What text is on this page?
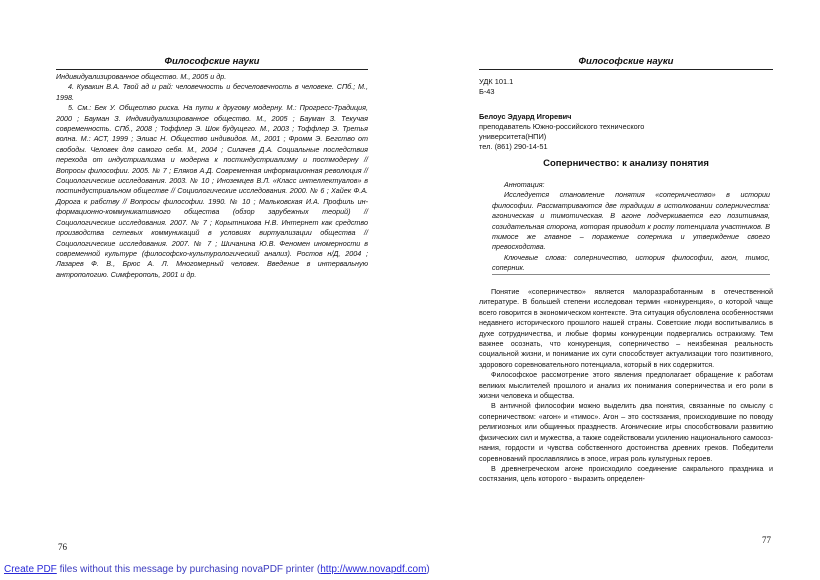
Философские науки

Индивидуализированное общество. М., 2005 и др.

4. Кувакин В.А. Твой ад и рай: человечность и бесчеловечность в человеке. СПб.; М., 1998.

5. См.: Бек У. Общество риска. На пути к другому модерну. М.: Прогресс-Традиция, 2000 ; Бауман З. Индивидуализированное общество. М., 2005 ; Бауман З. Текучая современность. СПб., 2008 ; Тоффлер Э. Шок будущего. М., 2003 ; Тоффлер Э. Третья волна. М.: АСТ, 1999 ; Элиас Н. Общество индивидов. М., 2001 ; Фромм Э. Бегство от свободы. Человек для самого себя. М., 2004 ; Силачев Д.А. Социальные последствия перехода от индустриализма и модерна к постиндустриализму и постмодерну // Вопросы философии. 2005. № 7 ; Еляков А.Д. Современная информационная революция // Социологические исследования. 2003. № 10 ; Иноземцев В.Л. «Класс интеллектуалов» в постиндустриальном обществе // Социологические исследования. 2000. № 6 ; Хайек Ф.А. Дорога к рабству // Вопросы философии. 1990. № 10 ; Мальковская И.А. Профиль информационно-коммуникативного общества (обзор зарубежных теорий) // Социологические исследования. 2007. № 7 ; Корытникова Н.В. Интернет как средство производства сетевых коммуникаций в условиях виртуализации общества // Социологические исследования. 2007. № 7 ; Шичанина Ю.В. Феномен иномерности в современной культуре (философско-культурологический анализ). Ростов н/Д, 2004 ; Лазарев Ф. В., Брюс А. Л. Многомерный человек. Введение в интервальную антропологию. Симферополь, 2001 и др.

76
Философские науки
УДК 101.1
Б-43
Белоус Эдуард Игоревич
преподаватель Южно-российского технического университета(НПИ)
тел. (861) 290-14-51
Соперничество: к анализу понятия

Аннотация:

Исследуется становление понятия «соперничество» в истории философии. Рассматриваются две традиции в истолковании соперничества: агоническая и тимотическая. В агоне подчеркивается его позитивная, созидательная сторона, которая приводит к росту потенциала участников. В тимосе же главное – поражение соперника и утверждение своего превосходства.

Ключевые слова: соперничество, история философии, агон, тимос, соперник.

Понятие «соперничество» является малоразработанным в отечественной литературе. В большей степени исследован термин «конкуренция», о которой чаще всего говорится в экономическом контексте. Эта ситуация обусловлена особенностями недавнего исторического прошлого нашей страны. Советские люди воспитывались в духе сотрудничества, и любые формы конкуренции подвергались остракизму. Тем важнее осознать, что конкуренция, соперничество – неизбежная реальность социальной жизни, и понимание их сути способствует актуализации того позитивного, здорового соревновательного потенциала, который в них содержится.

Философское рассмотрение этого явления предполагает обращение к работам великих мыслителей прошлого и анализ их понимания соперничества и его роли в жизни человека и общества.

В античной философии можно выделить два понятия, связанные по смыслу с соперничеством: «агон» и «тимос». Агон – это состязания, происходившие по поводу религиозных или общинных празднеств. Агонические игры способствовали развитию физических сил и мужества, а также содействовали усилению национального самосознания, гордости и чувства собственного достоинства древних греков. Победители соревнований прославлялись в эпосе, играя роль культурных героев.

В древнегреческом агоне происходило соединение сакрального праздника и состязания, цель которого - выразить определен-

77
Create PDF files without this message by purchasing novaPDF printer (http://www.novapdf.com)
